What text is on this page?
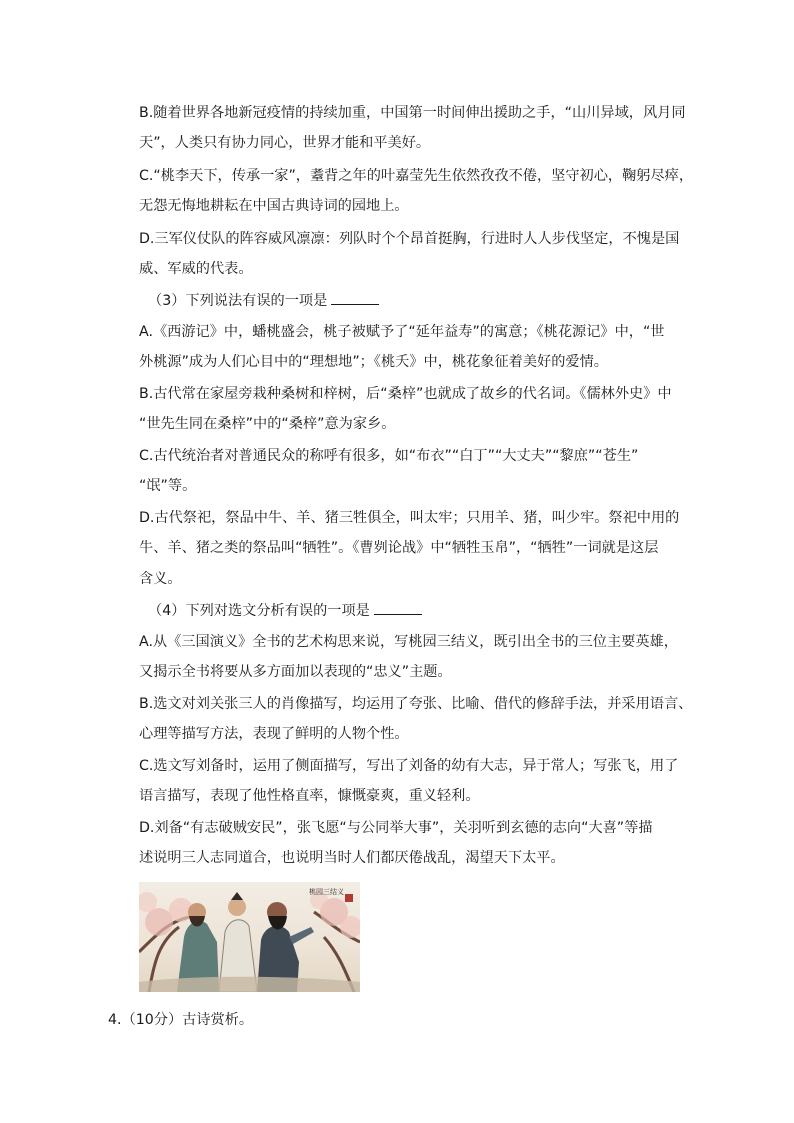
B.随着世界各地新冠疫情的持续加重，中国第一时间伸出援助之手，“山川异域，风月同
天”，人类只有协力同心，世界才能和平美好。
C.“桃李天下，传承一家”，耋背之年的叶嘉莹先生依然孜孜不倦，坚守初心，鞠躬尽瘁，
无怨无悔地耕耘在中国古典诗词的园地上。
D.三军仪仗队的阵容威风凛凛：列队时个个昂首挺胸，行进时人人步伐坚定，不愧是国
威、军威的代表。
（3）下列说法有误的一项是
A.《西游记》中，蟠桃盛会，桃子被赋予了“延年益寿”的寓意；《桃花源记》中，“世
外桃源”成为人们心目中的“理想地”；《桃夭》中，桃花象征着美好的爱情。
B.古代常在家屋旁栽种桑树和梓树，后“桑梓”也就成了故乡的代名词。《儒林外史》中
“世先生同在桑梓”中的“桑梓”意为家乡。
C.古代统治者对普通民众的称呼有很多，如“布衣”“白丁”“大丈夫”“黎庶”“苍生”
“氓”等。
D.古代祭祀，祭品中牛、羊、猪三牲俱全，叫太牢；只用羊、猪，叫少牢。祭祀中用的
牛、羊、猪之类的祭品叫“牺牲”。《曹刿论战》中“牺牲玉帛”，“牺牲”一词就是这层
含义。
（4）下列对选文分析有误的一项是
A.从《三国演义》全书的艺术构思来说，写桃园三结义，既引出全书的三位主要英雄，
又揭示全书将要从多方面加以表现的“忠义”主题。
B.选文对刘关张三人的肖像描写，均运用了夸张、比喻、借代的修辞手法，并采用语言、
心理等描写方法，表现了鲜明的人物个性。
C.选文写刘备时，运用了侧面描写，写出了刘备的幼有大志，异于常人；写张飞，用了
语言描写，表现了他性格直率，慷慨豪爽，重义轻利。
D.刘备“有志破贼安民”，张飞愿“与公同举大事”，关羽听到玄德的志向“大喜”等描
述说明三人志同道合，也说明当时人们都厌倦战乱，渴望天下太平。
桃园三结义
4.（10分）古诗赏析。
